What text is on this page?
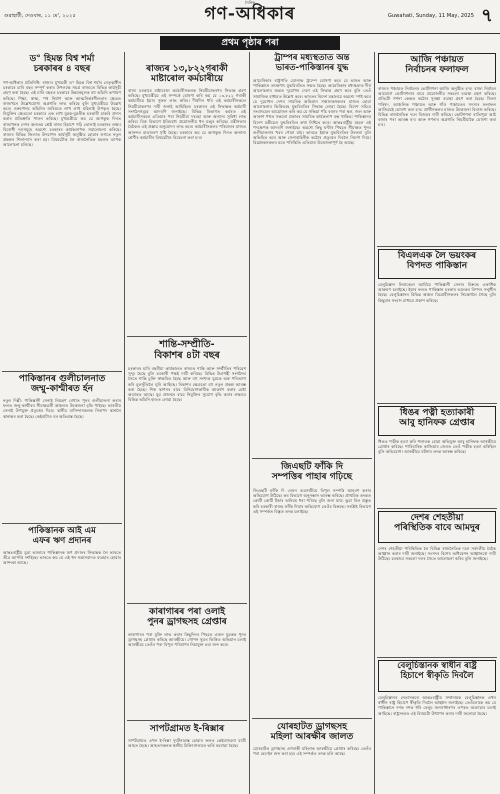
গুৱাহাটী, দেওবাৰ, ১১ মে', ২০২৫
দৈনিক
গণ-অধিকাৰ	Guwahati, Sunday, 11 May, 2025 ৭
প্ৰথম পৃষ্ঠাৰ পৰা
ড° হিমন্ত বিশ্ব শৰ্মা
চৰকাৰৰ ৪ বছৰ
গণ-অধিকাৰ প্ৰতিনিধি: ৰাজ্যৰ মুখ্যমন্ত্ৰী ড° হিমন্ত বিশ্ব শৰ্মাৰ নেতৃত্বাধীন চৰকাৰে চাৰি বছৰ সম্পূৰ্ণ কৰাৰ উপলক্ষে সমগ্ৰ ৰাজ্যতে বিভিন্ন কাৰ্যসূচী গ্ৰহণ কৰা হৈছে। এই চাৰি বছৰত চৰকাৰে উন্নয়নমূলক বহু আঁচনি ৰূপায়ণ কৰিছে। শিক্ষা, স্বাস্থ্য, পথ নিৰ্মাণ আৰু আত্মনিৰ্ভৰশীলতাৰ ক্ষেত্ৰত ৰাজ্যখনে উল্লেখযোগ্য অগ্ৰগতি লাভ কৰিছে বুলি মুখ্যমন্ত্ৰীয়ে উল্লেখ কৰে। ওৰুণোদয় আঁচনিৰ জৰিয়তে লাখ লাখ মহিলাই উপকৃত হৈছে। নিযুক্তিৰ ক্ষেত্ৰতো চৰকাৰে এক লাখ যুৱক-যুৱতীক চৰকাৰী চাকৰি প্ৰদান কৰাৰ প্ৰতিশ্ৰুতি পালন কৰিছে। মুখ্যমন্ত্ৰীয়ে কয় যে আগন্তুক দিনত ৰাজ্যখনক দেশৰ অন্যতম শ্ৰেষ্ঠ ৰাজ্য হিচাপে গঢ়ি তোলাই চৰকাৰৰ লক্ষ্য। বিৰোধী দলসমূহে অৱশ্যে চৰকাৰৰ কাৰ্যকলাপক সমালোচনা কৰিছে। ৰাজ্যৰ বিভিন্ন জিলাত উদযাপন কাৰ্যসূচী অনুষ্ঠিত হোৱাৰ লগতে নতুন প্ৰকল্পৰ শিলান্যাস কৰা হয়। বিষয়টোক লৈ ৰাজনৈতিক মহলত ব্যাপক আলোচনা চলিছে।
পাকিস্তানৰ গুলীচালনাত
জম্মু-কাশ্মীৰত ৰ্হন
নতুন দিল্লী: পাকিস্তানী সেনাই নিয়ন্ত্ৰণ ৰেখাত পুনৰ গুলীচালনা কৰাৰ ফলত জম্মু-কাশ্মীৰৰ সীমান্তৱৰ্তী অঞ্চলত উত্তেজনা বৃদ্ধি পাইছে। ভাৰতীয় সেনাই উপযুক্ত প্ৰত্যুত্তৰ দিয়ে। স্থানীয় বাসিন্দাসকলক নিৰাপদ স্থানলৈ স্থানান্তৰ কৰা হৈছে। কেইবাটাও ঘৰ ক্ষতিগ্ৰস্ত হৈছে।
পাকিস্তানক আই এম
এফৰ ঋণ প্ৰদানৰ
আন্তঃৰাষ্ট্ৰীয় মুদ্ৰা ভাণ্ডাৰে পাকিস্তানক ঋণ প্ৰদানৰ সিদ্ধান্তক লৈ ভাৰতে তীব্ৰ আপত্তি দৰ্শাইছে। ভাৰতে কয় যে এই ধন সন্ত্ৰাসবাদত ব্যৱহাৰ হোৱাৰ আশংকা আছে।
ৰাজ্যৰ ১৩,৮২২গৰাকী
মাষ্টাৰোল কৰ্মচাৰীয়ে
ৰাজ্য চৰকাৰে মাষ্টাৰোল কৰ্মচাৰীসকলক নিয়মীয়াকৰণৰ সিদ্ধান্ত গ্ৰহণ কৰিছে। মুখ্যমন্ত্ৰীয়ে এই সম্পৰ্কে ঘোষণা কৰি কয় যে ১৩,৮২২ গৰাকী কৰ্মচাৰীয়ে ইয়াৰ সুফল লাভ কৰিব। দীৰ্ঘদিন ধৰি এই কৰ্মচাৰীসকলে নিয়মীয়াকৰণৰ দাবী জনাই আহিছিল। চৰকাৰৰ এই সিদ্ধান্তক কৰ্মচাৰী সংগঠনসমূহে আদৰণি জনাইছে। বিভিন্ন বিভাগত কৰ্মৰত এই কৰ্মচাৰীসকলে এতিয়াৰ পৰা নিয়মীয়া দৰমহা আৰু অন্যান্য সুবিধা লাভ কৰিব। বিত্ত বিভাগে ইতিমধ্যে প্ৰয়োজনীয় ধন মঞ্জুৰ কৰিছে। মন্ত্ৰীসভাৰ বৈঠকত এই প্ৰস্তাৱ অনুমোদন লাভ কৰে। কৰ্মচাৰীসকলৰ পৰিয়ালৰ মাজত আনন্দৰ বাতাবৰণ সৃষ্টি হৈছে। চৰকাৰে কয় যে আগন্তুক দিনত অন্যান্য শ্ৰেণীৰ কৰ্মচাৰীৰ বিষয়টোও বিবেচনা কৰা হ'ব।
শান্তি-সম্প্ৰীতি-
বিকাশৰ ৪টা বছৰ
চৰকাৰৰ চাৰি বছৰীয়া কাৰ্যকালত ৰাজ্যত শান্তি আৰু সম্প্ৰীতিৰ পৰিৱেশ সুদৃঢ় হৈছে বুলি চৰকাৰী পক্ষই দাবী কৰিছে। বিভিন্ন উগ্ৰপন্থী সংগঠনৰ সৈতে শান্তি চুক্তি স্বাক্ষৰিত হৈছে আৰু বহু সংখ্যক যুৱকে অস্ত্ৰ পৰিত্যাগ কৰি মূলসুঁতিলৈ ঘূৰি আহিছে। বিকাশৰ ক্ষেত্ৰতো বহু নতুন প্ৰকল্প আৰম্ভ কৰা হৈছে। শিল্প স্থাপনৰ বাবে বিনিয়োগকাৰীক আকৰ্ষণ কৰাৰ চেষ্টা অব্যাহত আছে। যুৱ প্ৰজন্মৰ বাবে নিযুক্তিৰ সুযোগ বৃদ্ধি কৰাৰ লক্ষ্যৰে বিভিন্ন আঁচনি হাতত লোৱা হৈছে।
কাৰাগাৰৰ পৰা ওলাই
পুনৰ ড্ৰাগছসহ গ্ৰেপ্তাৰ
কাৰাগাৰৰ পৰা মুক্তি লাভ কৰাৰ কিছুদিনৰ পিছতে এজন যুৱকক পুনৰ ড্ৰাগছসহ গ্ৰেপ্তাৰ কৰিছে আৰক্ষীয়ে। গোপন সূত্ৰৰ ভিত্তিত অভিযান চলাই আৰক্ষীয়ে তেওঁৰ পৰা বিপুল পৰিমাণৰ নিচাযুক্ত দ্ৰব্য জব্দ কৰে।
সাপটগ্ৰামত ই-ৰিক্সাৰ
সাপটগ্ৰামত এখন ই-ৰিক্সা দুৰ্ঘটনাগ্ৰস্ত হোৱাৰ ফলত কেইবাজনো যাত্ৰী আহত হৈছে। আহতসকলক স্থানীয় চিকিৎসালয়ত ভৰ্তি কৰোৱা হৈছে।
ট্ৰাম্পৰ মধ্যস্থতাত অন্ত
ভাৰত-পাকিস্তানৰ যুদ্ধ
আমেৰিকাৰ ৰাষ্ট্ৰপতি ডোনাল্ড ট্ৰাম্পে ঘোষণা কৰে যে ভাৰত আৰু পাকিস্তানে তৎক্ষণাৎ যুদ্ধবিৰতিত সন্মত হৈছে। আমেৰিকাৰ মধ্যস্থতাত দীৰ্ঘ আলোচনাৰ অন্তত দুয়োখন দেশে এই সিদ্ধান্ত গ্ৰহণ কৰে বুলি তেওঁ সামাজিক মাধ্যমত উল্লেখ কৰে। ভাৰতৰ বিদেশ মন্ত্ৰালয়ে অৱশ্যে স্পষ্ট কৰে যে দুয়োখন দেশৰ সামৰিক অভিযান সঞ্চালকসকলৰ মাজত হোৱা আলোচনাৰ ভিত্তিতহে যুদ্ধবিৰতিৰ সিদ্ধান্ত লোৱা হৈছে। বিদেশ সচিবে সংবাদমেল আয়োজন কৰি কয় যে সন্ধিয়া পাঁচ বজাৰ পৰা স্থল, জল আৰু আকাশ পথত সকলো প্ৰকাৰৰ সামৰিক কাৰ্যকলাপ বন্ধ থাকিব। পাকিস্তানৰ বিদেশ মন্ত্ৰীয়েও যুদ্ধবিৰতিৰ কথা নিশ্চিত কৰে। আন্তঃৰাষ্ট্ৰীয় মহলে এই পদক্ষেপক আদৰণি জনাইছে। অৱশ্যে কিছু ঘণ্টাৰ পিছতে সীমান্তত পুনৰ গুলীচালনাৰ খবৰ পোৱা যায়। ভাৰতে ইয়াক যুদ্ধবিৰতিৰ উলংঘা বুলি অভিহিত কৰে আৰু সেনাবাহিনীক কঠোৰ প্ৰত্যুত্তৰ দিবলৈ নিৰ্দেশ দিয়ে। বিশ্লেষকসকলৰ মতে পৰিস্থিতি এতিয়াও উত্তেজনাপূৰ্ণ হৈ আছে।
জিএছটি ফাঁকি দি
সম্পত্তিৰ পাহাৰ গঢ়িছে
জিএছটি ফাঁকি দি এজন ব্যৱসায়ীয়ে বিপুল সম্পত্তি আহৰণ কৰাৰ অভিযোগ উঠিছে। কৰ বিভাগে অনুসন্ধান আৰম্ভ কৰিছে। প্ৰাথমিক তদন্তত কোটি কোটি টকাৰ অনিয়ম ধৰা পৰিছে বুলি জনা যায়। ভুৱা বিল প্ৰস্তুত কৰি চৰকাৰী ৰাজহ ফাঁকি দিয়াৰ অভিযোগ তেওঁৰ বিৰুদ্ধে। সংশ্লিষ্ট বিভাগে এই সম্পৰ্কত বিস্তৃত তদন্ত চলাইছে।
যোৰহাটত ড্ৰাগছসহ
মহিলা আৰক্ষীৰ জালত
যোৰহাটত ড্ৰাগছসহ এগৰাকী মহিলাক আৰক্ষীয়ে গ্ৰেপ্তাৰ কৰিছে। তেওঁৰ পৰা হেৰ'ইন জব্দ কৰা হয়। এই সম্পৰ্কত তদন্ত চলি আছে।
আজি পঞ্চায়ত
নিৰ্বাচনৰ ফলাফল
ৰাজ্যৰ পঞ্চায়ত নিৰ্বাচনৰ ভোটগণনা আজি অনুষ্ঠিত হ'ব। ৰাজ্য নিৰ্বাচন আয়োগে ভোটগণনাৰ বাবে প্ৰয়োজনীয় সকলো ব্যৱস্থা গ্ৰহণ কৰিছে। প্ৰতিটো গণনা কেন্দ্ৰত কঠোৰ সুৰক্ষা ব্যৱস্থা গ্ৰহণ কৰা হৈছে। জিলা পৰিষদ, আঞ্চলিক পঞ্চায়ত আৰু গাঁও পঞ্চায়তৰ সদস্যৰ ফলাফল আজিয়েই ঘোষণা কৰা হ'ব। প্ৰাৰ্থীসকলৰ মাজত উত্তেজনা বিৰাজ কৰিছে। বিভিন্ন ৰাজনৈতিক দলে বিজয়ৰ দাবী কৰিছে। ভোটগণনা ৰাতিপুৱা আঠ বজাৰ পৰা আৰম্ভ হ'ব আৰু গণনাৰ অগ্ৰগতি নিয়মীয়াকৈ ঘোষণা কৰা হ'ব।
বিএলএক লৈ ভয়ংকৰ
বিপদত পাকিস্তান
বেলুচিস্তান লিবাৰেচন আৰ্মিয়ে পাকিস্তানী সেনাৰ বিৰুদ্ধে একাধিক আক্ৰমণ চলাইছে। ইয়াৰ ফলত পাকিস্তান চৰকাৰ ভয়ংকৰ বিপদৰ সন্মুখীন হৈছে। বেলুচিস্তানৰ বিভিন্ন অঞ্চল বিদ্ৰোহীসকলৰ নিয়ন্ত্ৰণলৈ গৈছে বুলি কিছুমান সংবাদ মাধ্যমে প্ৰকাশ কৰিছে।
ধিঙৰ পত্নী হত্যাকাৰী
আবু হানিফক গ্ৰেপ্তাৰ
ধিঙত পত্নীক হত্যা কৰি পলাতক হোৱা অভিযুক্ত আবু হানিফক আৰক্ষীয়ে গ্ৰেপ্তাৰ কৰিছে। পাৰিবাৰিক কাজিয়াৰ জেৰত তেওঁ পত্নীক হত্যা কৰিছিল বুলি অভিযোগ। আৰক্ষীয়ে ঘটনাৰ তদন্ত আৰম্ভ কৰিছে।
দেশৰ শেহতীয়া
পৰিস্থিতিক বাবে আমদুৰ
দেশৰ শেহতীয়া পৰিস্থিতিক লৈ বিভিন্ন ৰাজনৈতিক দলে সৰ্বদলীয় বৈঠক আহ্বান কৰাৰ দাবী জনাইছে। সংসদৰ বিশেষ অধিৱেশন আহ্বানৰো দাবী উঠিছে। চৰকাৰে সকলো দলৰ সৈতে আলোচনা কৰিব বুলি জনাইছে।
বেলুচিস্তানক স্বাধীন ৰাষ্ট্ৰ
হিচাপে স্বীকৃতি দিবলৈ
বেলুচিস্তানৰ নেতাসকলে আন্তঃৰাষ্ট্ৰীয় সম্প্ৰদায়ক বেলুচিস্তানক এখন স্বাধীন ৰাষ্ট্ৰ হিচাপে স্বীকৃতি দিবলৈ আহ্বান জনাইছে। তেওঁলোকে কয় যে পাকিস্তানে দশক দশক ধৰি বেলুচ জনসাধাৰণৰ ওপৰত অত্যাচাৰ চলাই আহিছে। ৰাষ্ট্ৰসংঘত এই বিষয়টো উত্থাপন কৰাৰ দাবী জনোৱা হৈছে।
